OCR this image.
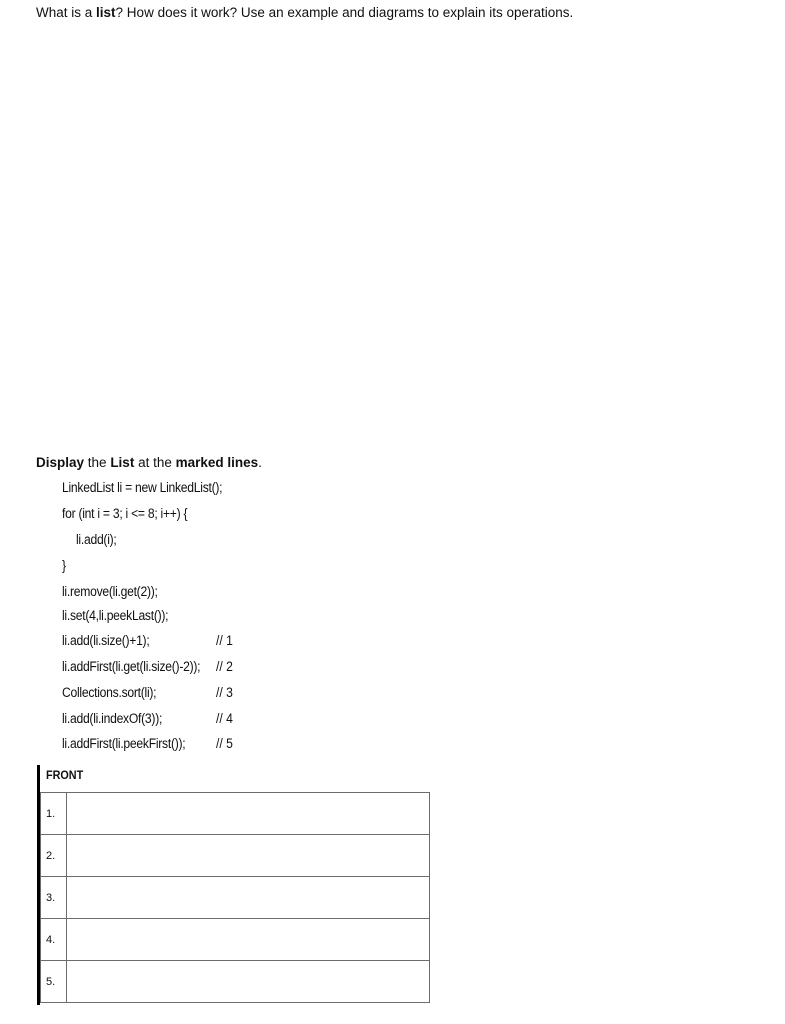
What is a list? How does it work? Use an example and diagrams to explain its operations.
Display the List at the marked lines.
LinkedList li = new LinkedList();
for (int i = 3; i <= 8; i++) {
li.add(i);
}
li.remove(li.get(2));
li.set(4,li.peekLast());
li.add(li.size()+1);	// 1
li.addFirst(li.get(li.size()-2)); // 2
Collections.sort(li);	// 3
li.add(li.indexOf(3));	// 4
li.addFirst(li.peekFirst()); // 5
FRONT
1.	
2.	
3.	
4.	
5.	
